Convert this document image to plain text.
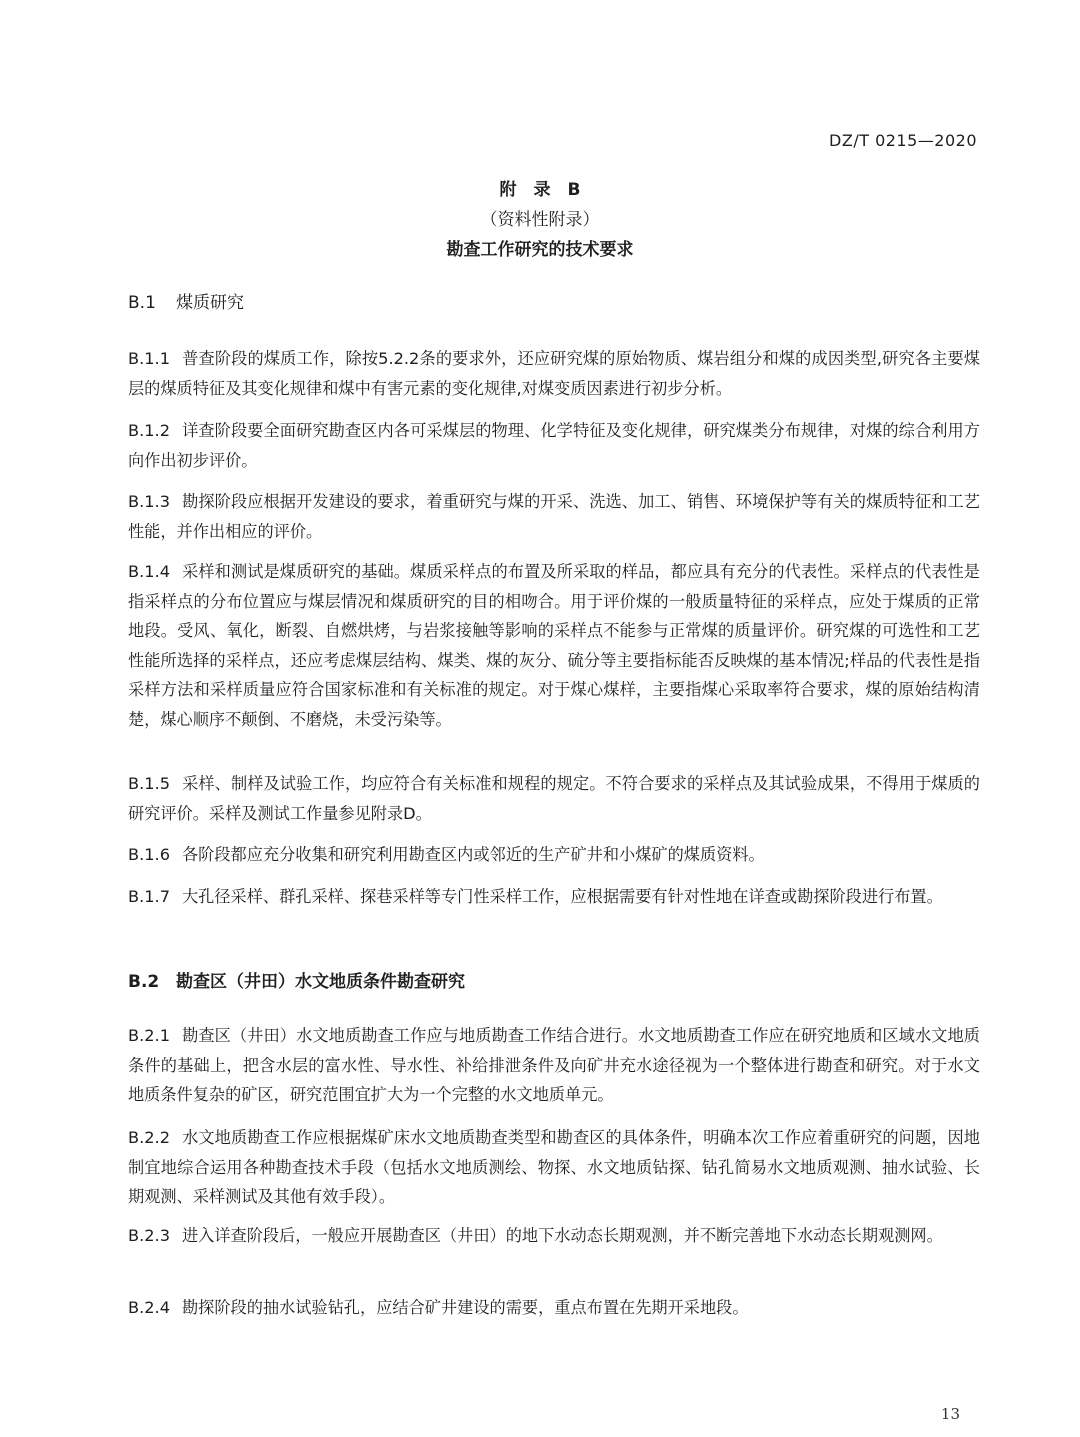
DZ/T 0215—2020
附　录　B
（资料性附录）
勘查工作研究的技术要求
B.1 煤质研究
B.1.1 普查阶段的煤质工作，除按5.2.2条的要求外，还应研究煤的原始物质、煤岩组分和煤的成因类型,研究各主要煤层的煤质特征及其变化规律和煤中有害元素的变化规律,对煤变质因素进行初步分析。
B.1.2 详查阶段要全面研究勘查区内各可采煤层的物理、化学特征及变化规律，研究煤类分布规律，对煤的综合利用方向作出初步评价。
B.1.3 勘探阶段应根据开发建设的要求，着重研究与煤的开采、洗选、加工、销售、环境保护等有关的煤质特征和工艺性能，并作出相应的评价。
B.1.4 采样和测试是煤质研究的基础。煤质采样点的布置及所采取的样品，都应具有充分的代表性。采样点的代表性是指采样点的分布位置应与煤层情况和煤质研究的目的相吻合。用于评价煤的一般质量特征的采样点，应处于煤质的正常地段。受风、氧化，断裂、自燃烘烤，与岩浆接触等影响的采样点不能参与正常煤的质量评价。研究煤的可选性和工艺性能所选择的采样点，还应考虑煤层结构、煤类、煤的灰分、硫分等主要指标能否反映煤的基本情况;样品的代表性是指采样方法和采样质量应符合国家标准和有关标准的规定。对于煤心煤样，主要指煤心采取率符合要求，煤的原始结构清楚，煤心顺序不颠倒、不磨烧，未受污染等。
B.1.5 采样、制样及试验工作，均应符合有关标准和规程的规定。不符合要求的采样点及其试验成果，不得用于煤质的研究评价。采样及测试工作量参见附录D。
B.1.6 各阶段都应充分收集和研究利用勘查区内或邻近的生产矿井和小煤矿的煤质资料。
B.1.7 大孔径采样、群孔采样、探巷采样等专门性采样工作，应根据需要有针对性地在详查或勘探阶段进行布置。
B.2 勘查区（井田）水文地质条件勘查研究
B.2.1 勘查区（井田）水文地质勘查工作应与地质勘查工作结合进行。水文地质勘查工作应在研究地质和区域水文地质条件的基础上，把含水层的富水性、导水性、补给排泄条件及向矿井充水途径视为一个整体进行勘查和研究。对于水文地质条件复杂的矿区，研究范围宜扩大为一个完整的水文地质单元。
B.2.2 水文地质勘查工作应根据煤矿床水文地质勘查类型和勘查区的具体条件，明确本次工作应着重研究的问题，因地制宜地综合运用各种勘查技术手段（包括水文地质测绘、物探、水文地质钻探、钻孔简易水文地质观测、抽水试验、长期观测、采样测试及其他有效手段）。
B.2.3 进入详查阶段后，一般应开展勘查区（井田）的地下水动态长期观测，并不断完善地下水动态长期观测网。
B.2.4 勘探阶段的抽水试验钻孔，应结合矿井建设的需要，重点布置在先期开采地段。
13
